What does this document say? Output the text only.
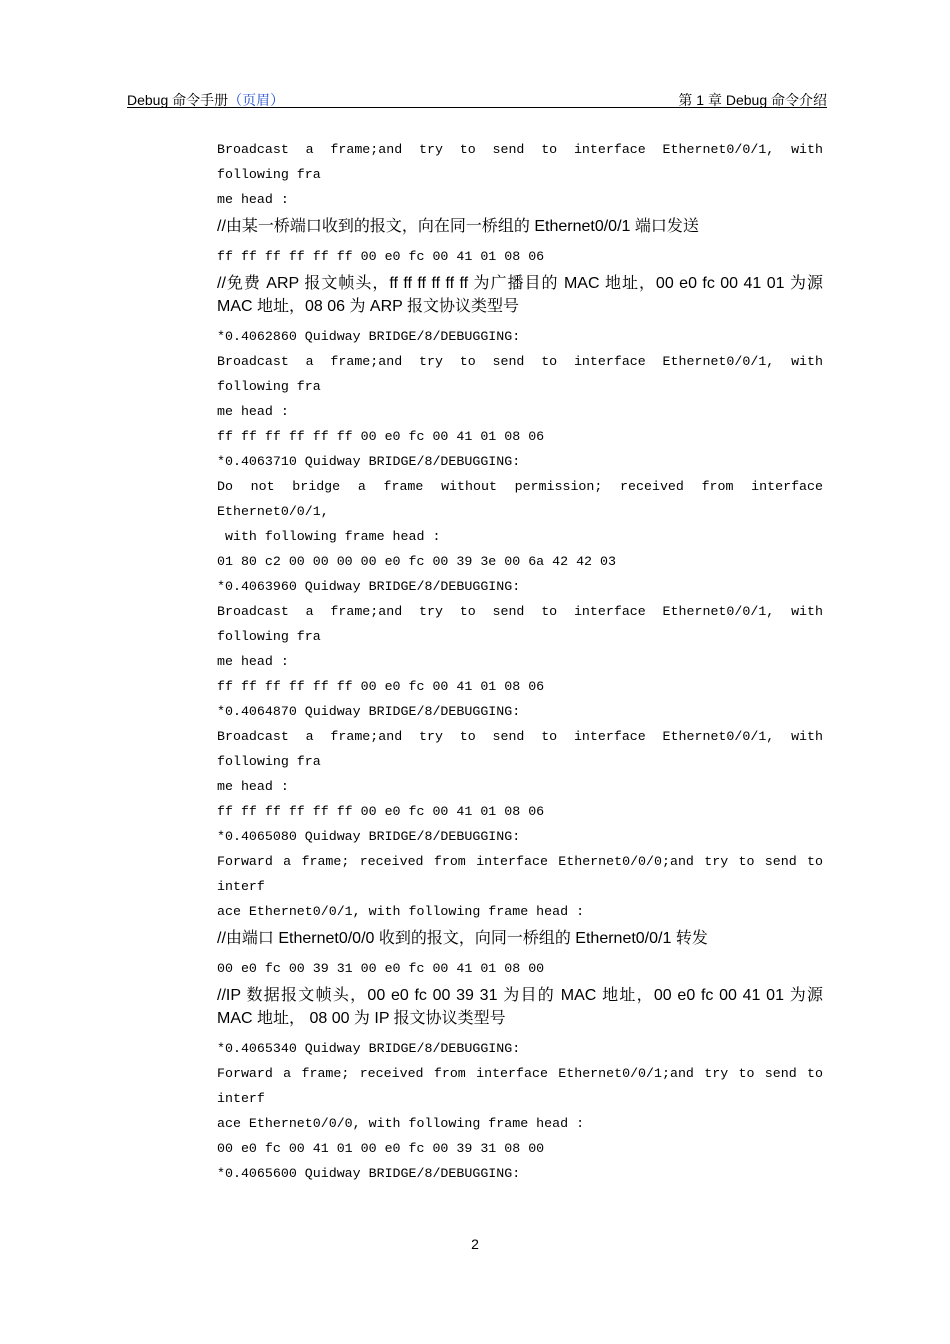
Debug 命令手册（页眉）	第 1 章 Debug 命令介绍
Broadcast a frame;and try to send to interface Ethernet0/0/1, with
following fra
me head :
//由某一桥端口收到的报文，向在同一桥组的 Ethernet0/0/1 端口发送
ff ff ff ff ff ff 00 e0 fc 00 41 01 08 06
//免费 ARP 报文帧头，ff ff ff ff ff ff 为广播目的 MAC 地址，00 e0 fc 00 41 01 为源 MAC 地址，08 06 为 ARP 报文协议类型号
*0.4062860 Quidway BRIDGE/8/DEBUGGING:
Broadcast a frame;and try to send to interface Ethernet0/0/1, with
following fra
me head :
ff ff ff ff ff ff 00 e0 fc 00 41 01 08 06
*0.4063710 Quidway BRIDGE/8/DEBUGGING:
Do not bridge a frame without permission; received from interface
Ethernet0/0/1,
with following frame head :
01 80 c2 00 00 00 00 e0 fc 00 39 3e 00 6a 42 42 03
*0.4063960 Quidway BRIDGE/8/DEBUGGING:
Broadcast a frame;and try to send to interface Ethernet0/0/1, with
following fra
me head :
ff ff ff ff ff ff 00 e0 fc 00 41 01 08 06
*0.4064870 Quidway BRIDGE/8/DEBUGGING:
Broadcast a frame;and try to send to interface Ethernet0/0/1, with
following fra
me head :
ff ff ff ff ff ff 00 e0 fc 00 41 01 08 06
*0.4065080 Quidway BRIDGE/8/DEBUGGING:
Forward a frame; received from interface Ethernet0/0/0;and try to send to
interf
ace Ethernet0/0/1, with following frame head :
//由端口 Ethernet0/0/0 收到的报文，向同一桥组的 Ethernet0/0/1 转发
00 e0 fc 00 39 31 00 e0 fc 00 41 01 08 00
//IP 数据报文帧头，00 e0 fc 00 39 31 为目的 MAC 地址，00 e0 fc 00 41 01 为源 MAC 地址， 08 00 为 IP 报文协议类型号
*0.4065340 Quidway BRIDGE/8/DEBUGGING:
Forward a frame; received from interface Ethernet0/0/1;and try to send to
interf
ace Ethernet0/0/0, with following frame head :
00 e0 fc 00 41 01 00 e0 fc 00 39 31 08 00
*0.4065600 Quidway BRIDGE/8/DEBUGGING:
2
